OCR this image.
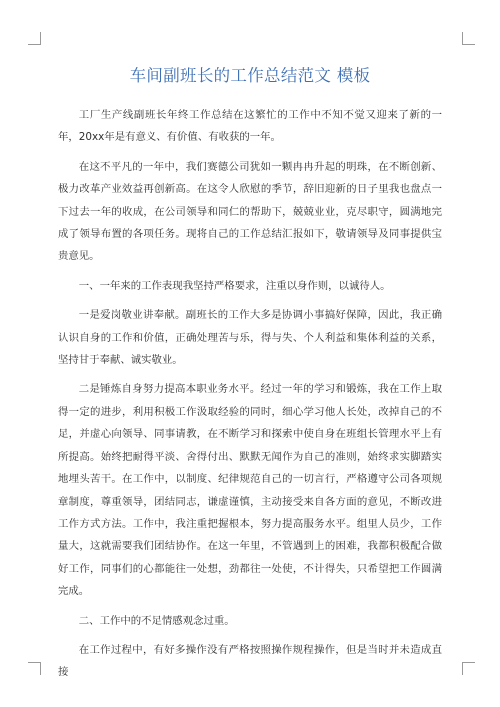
车间副班长的工作总结范文 模板

工厂生产线副班长年终工作总结在这繁忙的工作中不知不觉又迎来了新的一年，20xx年是有意义、有价值、有收获的一年。

在这不平凡的一年中，我们赛德公司犹如一颗冉冉升起的明珠，在不断创新、极力改革产业效益再创新高。在这令人欣慰的季节，辞旧迎新的日子里我也盘点一下过去一年的收成，在公司领导和同仁的帮助下，兢兢业业，克尽职守，圆满地完成了领导布置的各项任务。现将自己的工作总结汇报如下，敬请领导及同事提供宝贵意见。

一、一年来的工作表现我坚持严格要求，注重以身作则，以诚待人。

一是爱岗敬业讲奉献。副班长的工作大多是协调小事搞好保障，因此，我正确认识自身的工作和价值，正确处理苦与乐，得与失、个人利益和集体利益的关系，坚持甘于奉献、诚实敬业。

二是锤炼自身努力提高本职业务水平。经过一年的学习和锻炼，我在工作上取得一定的进步，利用积极工作汲取经验的同时，细心学习他人长处，改掉自己的不足，并虚心向领导、同事请教，在不断学习和探索中使自身在班组长管理水平上有所提高。始终把耐得平淡、舍得付出、默默无闻作为自己的准则，始终求实脚踏实地埋头苦干。在工作中，以制度、纪律规范自己的一切言行，严格遵守公司各项规章制度，尊重领导，团结同志，谦虚谨慎，主动接受来自各方面的意见，不断改进工作方式方法。工作中，我注重把握根本，努力提高服务水平。组里人员少，工作量大，这就需要我们团结协作。在这一年里，不管遇到上的困难，我都积极配合做好工作，同事们的心都能往一处想，劲都往一处使，不计得失，只希望把工作圆满完成。

二、工作中的不足情感观念过重。

在工作过程中，有好多操作没有严格按照操作规程操作，但是当时并未造成直接
